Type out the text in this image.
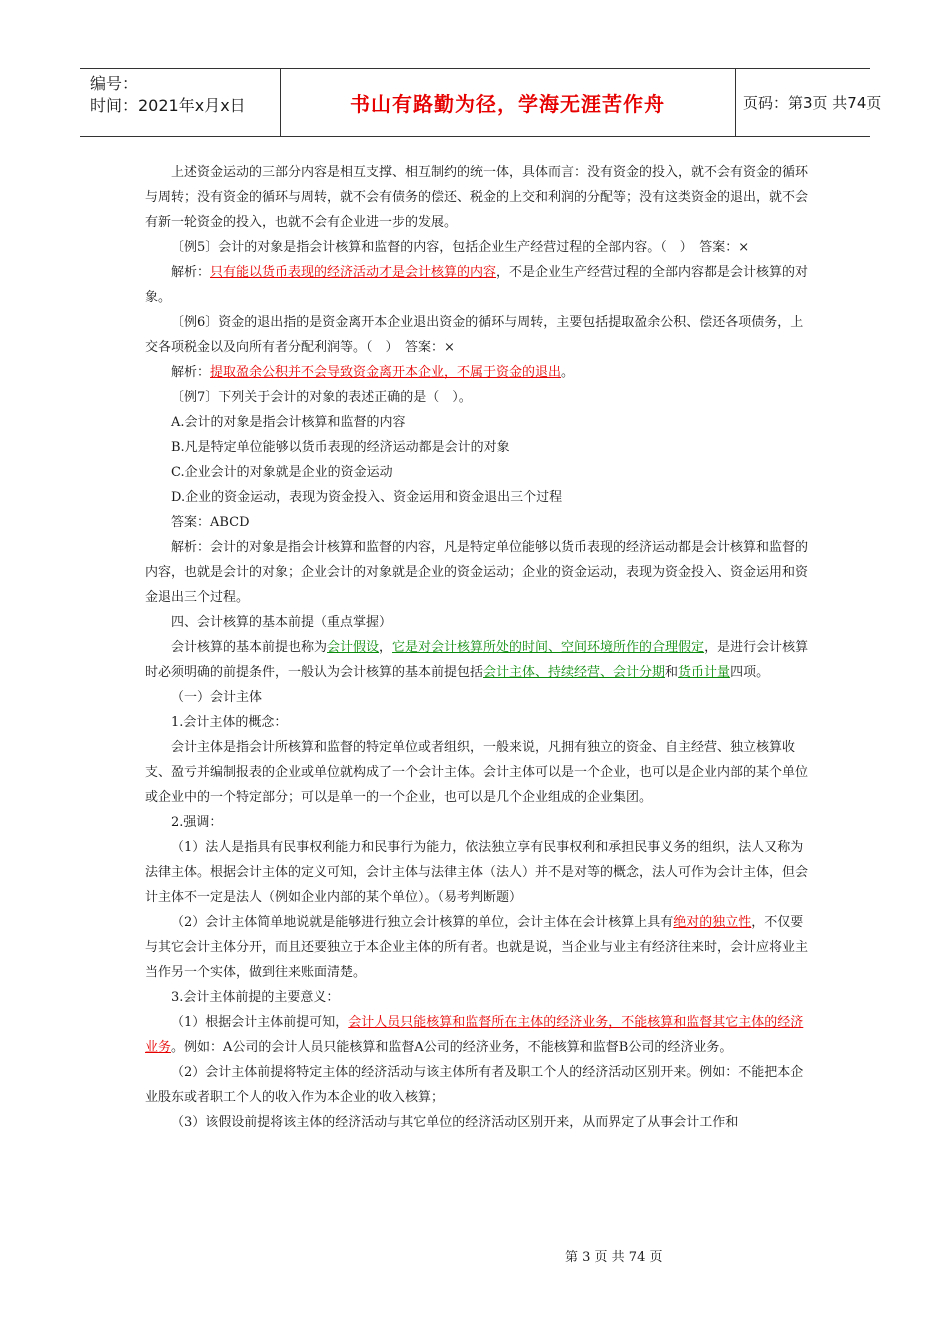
编号：
时间：2021年x月x日	书山有路勤为径，学海无涯苦作舟	页码：第3页 共74页

上述资金运动的三部分内容是相互支撑、相互制约的统一体，具体而言：没有资金的投入，就不会有资金的循环与周转；没有资金的循环与周转，就不会有债务的偿还、税金的上交和利润的分配等；没有这类资金的退出，就不会有新一轮资金的投入，也就不会有企业进一步的发展。

〔例5〕会计的对象是指会计核算和监督的内容，包括企业生产经营过程的全部内容。（　）　答案：×

解析：只有能以货币表现的经济活动才是会计核算的内容，不是企业生产经营过程的全部内容都是会计核算的对象。

〔例6〕资金的退出指的是资金离开本企业退出资金的循环与周转，主要包括提取盈余公积、偿还各项债务，上交各项税金以及向所有者分配利润等。（　）　答案：×

解析：提取盈余公积并不会导致资金离开本企业，不属于资金的退出。

〔例7〕下列关于会计的对象的表述正确的是（　）。

A.会计的对象是指会计核算和监督的内容

B.凡是特定单位能够以货币表现的经济运动都是会计的对象

C.企业会计的对象就是企业的资金运动

D.企业的资金运动，表现为资金投入、资金运用和资金退出三个过程

答案：ABCD

解析：会计的对象是指会计核算和监督的内容，凡是特定单位能够以货币表现的经济运动都是会计核算和监督的内容，也就是会计的对象；企业会计的对象就是企业的资金运动；企业的资金运动，表现为资金投入、资金运用和资金退出三个过程。

四、会计核算的基本前提（重点掌握）

会计核算的基本前提也称为会计假设，它是对会计核算所处的时间、空间环境所作的合理假定，是进行会计核算时必须明确的前提条件，一般认为会计核算的基本前提包括会计主体、持续经营、会计分期和货币计量四项。

（一）会计主体

1.会计主体的概念：

会计主体是指会计所核算和监督的特定单位或者组织，一般来说，凡拥有独立的资金、自主经营、独立核算收支、盈亏并编制报表的企业或单位就构成了一个会计主体。会计主体可以是一个企业，也可以是企业内部的某个单位或企业中的一个特定部分；可以是单一的一个企业，也可以是几个企业组成的企业集团。

2.强调：

（1）法人是指具有民事权利能力和民事行为能力，依法独立享有民事权利和承担民事义务的组织，法人又称为法律主体。根据会计主体的定义可知，会计主体与法律主体（法人）并不是对等的概念，法人可作为会计主体，但会计主体不一定是法人（例如企业内部的某个单位）。（易考判断题）

（2）会计主体简单地说就是能够进行独立会计核算的单位，会计主体在会计核算上具有绝对的独立性，不仅要与其它会计主体分开，而且还要独立于本企业主体的所有者。也就是说，当企业与业主有经济往来时，会计应将业主当作另一个实体，做到往来账面清楚。

3.会计主体前提的主要意义：

（1）根据会计主体前提可知，会计人员只能核算和监督所在主体的经济业务，不能核算和监督其它主体的经济业务。例如：A公司的会计人员只能核算和监督A公司的经济业务，不能核算和监督B公司的经济业务。

（2）会计主体前提将特定主体的经济活动与该主体所有者及职工个人的经济活动区别开来。例如：不能把本企业股东或者职工个人的收入作为本企业的收入核算；

（3）该假设前提将该主体的经济活动与其它单位的经济活动区别开来，从而界定了从事会计工作和

第 3 页 共 74 页
